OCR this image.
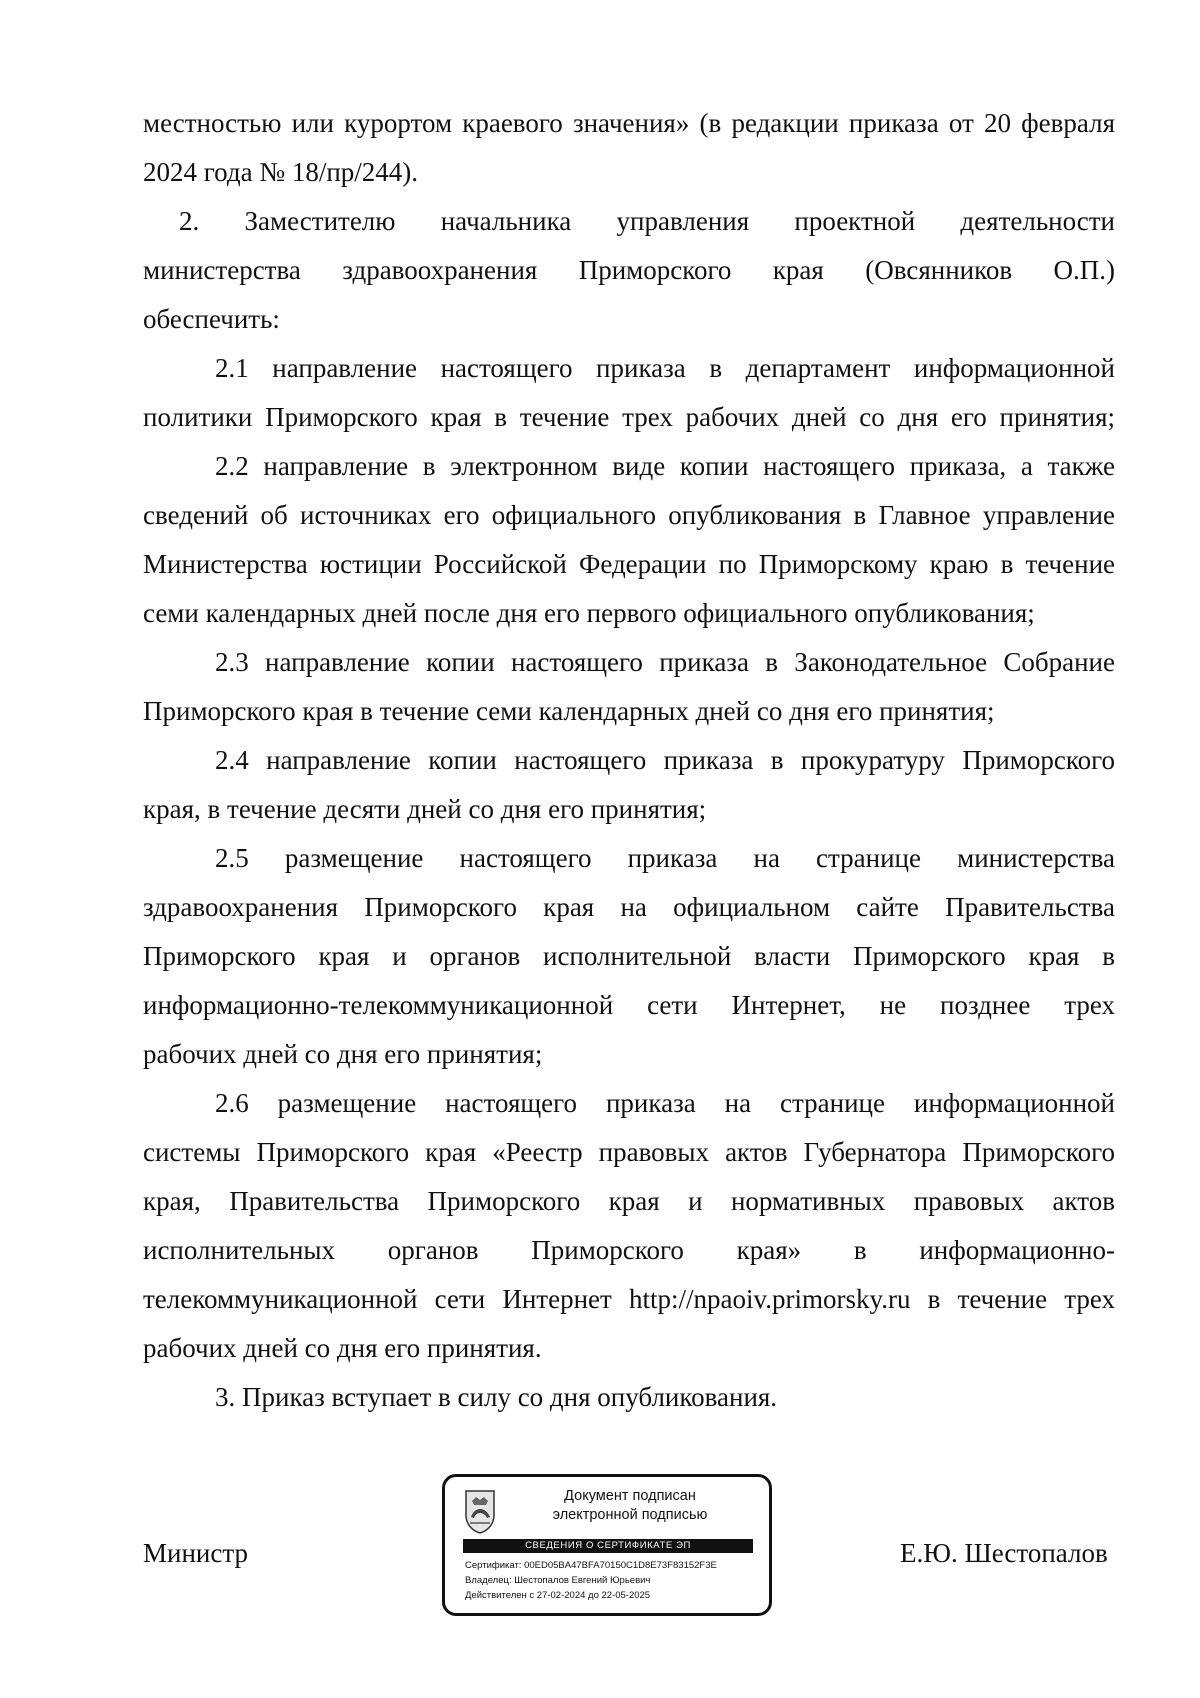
местностью или курортом краевого значения» (в редакции приказа от 20 февраля
2024 года № 18/пр/244).
2. Заместителю начальника управления проектной деятельности
министерства здравоохранения Приморского края (Овсянников О.П.)
обеспечить:
2.1 направление настоящего приказа в департамент информационной
политики Приморского края в течение трех рабочих дней со дня его принятия;
2.2 направление в электронном виде копии настоящего приказа, а также
сведений об источниках его официального опубликования в Главное управление
Министерства юстиции Российской Федерации по Приморскому краю в течение
семи календарных дней после дня его первого официального опубликования;
2.3 направление копии настоящего приказа в Законодательное Собрание
Приморского края в течение семи календарных дней со дня его принятия;
2.4 направление копии настоящего приказа в прокуратуру Приморского
края, в течение десяти дней со дня его принятия;
2.5 размещение настоящего приказа на странице министерства
здравоохранения Приморского края на официальном сайте Правительства
Приморского края и органов исполнительной власти Приморского края в
информационно-телекоммуникационной сети Интернет, не позднее трех
рабочих дней со дня его принятия;
2.6 размещение настоящего приказа на странице информационной
системы Приморского края «Реестр правовых актов Губернатора Приморского
края, Правительства Приморского края и нормативных правовых актов
исполнительных органов Приморского края» в информационно-
телекоммуникационной сети Интернет http://npaoiv.primorsky.ru в течение трех
рабочих дней со дня его принятия.
3. Приказ вступает в силу со дня опубликования.
Министр
Документ подписан
электронной подписью
СВЕДЕНИЯ О СЕРТИФИКАТЕ ЭП
Сертификат: 00ED05BA47BFA70150C1D8E73F83152F3E
Владелец: Шестопалов Евгений Юрьевич
Действителен с 27-02-2024 до 22-05-2025
Е.Ю. Шестопалов
